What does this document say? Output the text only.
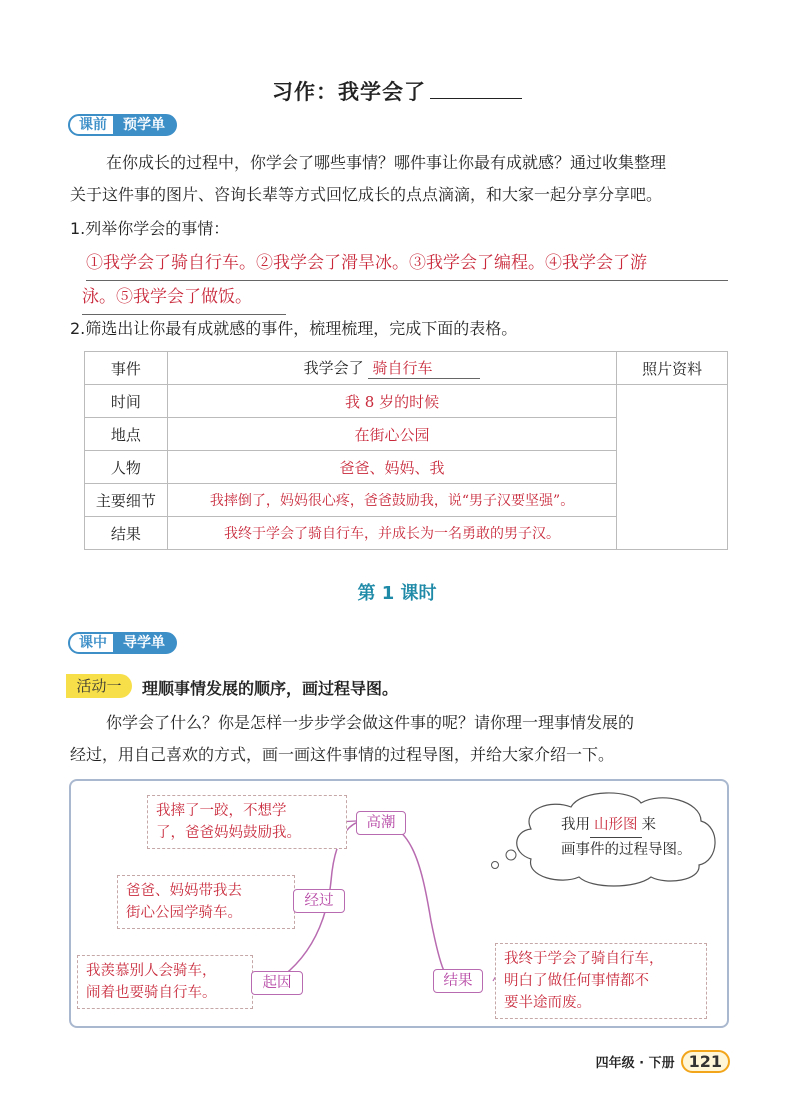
习作：我学会了
课前	预学单
在你成长的过程中，你学会了哪些事情？哪件事让你最有成就感？通过收集整理
关于这件事的图片、咨询长辈等方式回忆成长的点点滴滴，和大家一起分享分享吧。
1.列举你学会的事情：
①我学会了骑自行车。②我学会了滑旱冰。③我学会了编程。④我学会了游
泳。⑤我学会了做饭。
2.筛选出让你最有成就感的事件，梳理梳理，完成下面的表格。
事件	我学会了 骑自行车	照片资料
时间	我 8 岁的时候	
地点	在街心公园	
人物	爸爸、妈妈、我	
主要细节	我摔倒了，妈妈很心疼，爸爸鼓励我，说“男子汉要坚强”。	
结果	我终于学会了骑自行车，并成长为一名勇敢的男子汉。	
第 1 课时
课中	导学单
活动一	理顺事情发展的顺序，画过程导图。
你学会了什么？你是怎样一步步学会做这件事的呢？请你理一理事情发展的
经过，用自己喜欢的方式，画一画这件事情的过程导图，并给大家介绍一下。
我摔了一跤，不想学
了，爸爸妈妈鼓励我。
高潮
爸爸、妈妈带我去
街心公园学骑车。
经过
我羡慕别人会骑车，
闹着也要骑自行车。
起因	结果
我终于学会了骑自行车，
明白了做任何事情都不
要半途而废。
我用 山形图 来
画事件的过程导图。
四年级 · 下册 121
